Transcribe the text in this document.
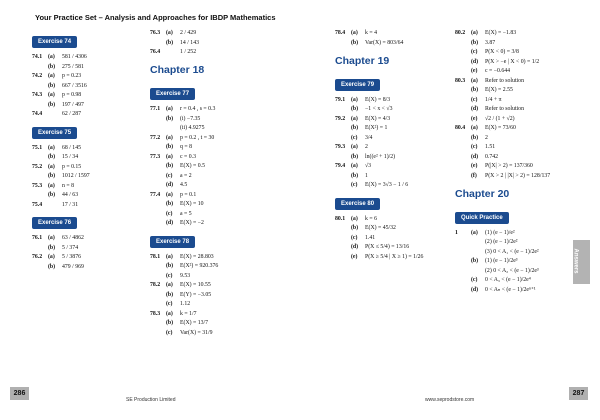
Your Practice Set – Analysis and Approaches for IBDP Mathematics
Exercise 74
74.1	(a)	581 / 4306
(b)	275 / 581
74.2	(a)	p = 0.23
(b)	667 / 3516
74.3	(a)	p = 0.98
(b)	197 / 497
74.4	62 / 287
Exercise 75
75.1	(a)	68 / 145
(b)	15 / 34
75.2	(a)	p = 0.15
(b)	1012 / 1597
75.3	(a)	n = 8
(b)	44 / 63
75.4	17 / 31
Exercise 76
76.1	(a)	63 / 4862
(b)	5 / 374
76.2	(a)	5 / 3876
(b)	479 / 969
76.3	(a)	2 / 429
(b)	14 / 143
76.4	1 / 252
Chapter 18
Exercise 77
77.1	(a)	r = 0.4 , s = 0.3
(b)	(i) −7.35
(ii) 4.9275
77.2	(a)	p = 0.2 , t = 30
(b)	q = 8
77.3	(a)	c = 0.3
(b)	E(X) = 0.5
(c)	a = 2
(d)	4.5
77.4	(a)	p = 0.1
(b)	E(X) = 10
(c)	a = 5
(d)	E(X) = −2
Exercise 78
78.1	(a)	E(X) = 28.803
(b)	E(X²) = 920.376
(c)	9.53
78.2	(a)	E(X) = 10.55
(b)	E(Y) = −3.05
(c)	1.12
78.3	(a)	k = 1/7
(b)	E(X) = 13/7
(c)	Var(X) = 31/9
78.4	(a)	k = 4
(b)	Var(X) = 803/64
Chapter 19
Exercise 79
79.1	(a)	E(X) = 8/3
(b)	−1 < x < √3
79.2	(a)	E(X) = 4/3
(b)	E(X²) = 1
(c)	3/4
79.3	(a)	2
(b)	ln((e² + 1)/2)
79.4	(a)	√3
(b)	1
(c)	E(X) = 3√3 − 1 / 6
Exercise 80
80.1	(a)	k = 6
(b)	E(X) = 45/32
(c)	1.41
(d)	P(X ≤ 5/4) = 13/16
(e)	P(X ≥ 5/4 | X ≥ 1) = 1/26
80.2	(a)	E(X) = −1.83
(b)	3.87
(c)	P(X < 0) = 3/8
(d)	P(X > −e | X < 0) = 1/2
(e)	c = −0.644
80.3	(a)	Refer to solution
(b)	E(X) = 2.55
(c)	1/4 + π
(d)	Refer to solution
(e)	√2 / (1 + √2)
80.4	(a)	E(X) = 73/60
(b)	2
(c)	1.51
(d)	0.742
(e)	P(|X| > 2) = 137/360
(f)	P(X > 2 | |X| > 2) = 128/137
Chapter 20
Quick Practice
1	(a)	(1) (e − 1)/e²
(2) (e − 1)/2e²
(3) 0 < A₁ < (e − 1)/2e²
(b)	(1) (e − 1)/2e³
(2) 0 < A₂ < (e − 1)/2e³
(c)	0 < A₃ < (e − 1)/2e⁴
(d)	0 < Aₙ < (e − 1)/2eⁿ⁺¹
Answers
286	287
SE Production Limited	www.seprodstore.com
